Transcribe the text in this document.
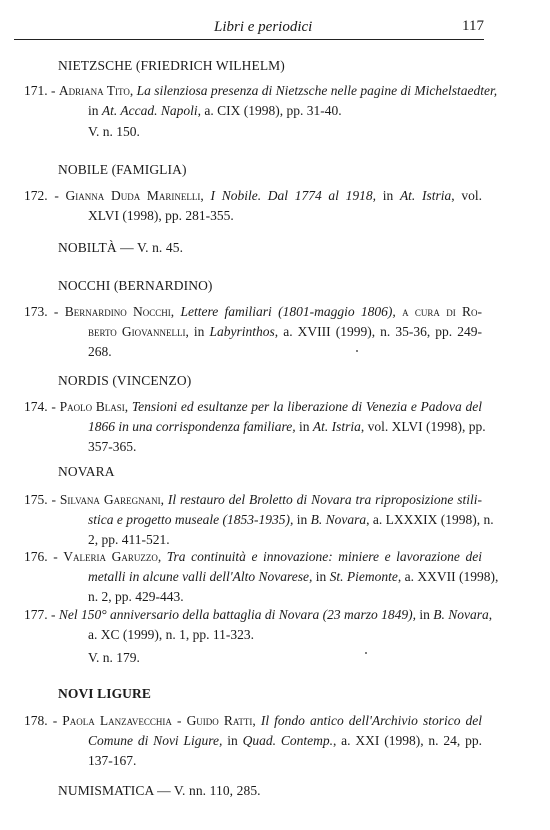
Libri e periodici	117
NIETZSCHE (FRIEDRICH WILHELM)
171. - Adriana Tito, La silenziosa presenza di Nietzsche nelle pagine di Michelstaedter,
in At. Accad. Napoli, a. CIX (1998), pp. 31-40.
V. n. 150.
NOBILE (FAMIGLIA)
172. - Gianna Duda Marinelli, I Nobile. Dal 1774 al 1918, in At. Istria, vol.
XLVI (1998), pp. 281-355.
NOBILTÀ — V. n. 45.
NOCCHI (BERNARDINO)
173. - Bernardino Nocchi, Lettere familiari (1801-maggio 1806), a cura di Ro-
berto Giovannelli, in Labyrinthos, a. XVIII (1999), n. 35-36, pp. 249-
268.
NORDIS (VINCENZO)
174. - Paolo Blasi, Tensioni ed esultanze per la liberazione di Venezia e Padova del
1866 in una corrispondenza familiare, in At. Istria, vol. XLVI (1998), pp.
357-365.
NOVARA
175. - Silvana Garegnani, Il restauro del Broletto di Novara tra riproposizione stili-
stica e progetto museale (1853-1935), in B. Novara, a. LXXXIX (1998), n.
2, pp. 411-521.
176. - Valeria Garuzzo, Tra continuità e innovazione: miniere e lavorazione dei
metalli in alcune valli dell'Alto Novarese, in St. Piemonte, a. XXVII (1998),
n. 2, pp. 429-443.
177. - Nel 150° anniversario della battaglia di Novara (23 marzo 1849), in B. Novara,
a. XC (1999), n. 1, pp. 11-323.
V. n. 179.
NOVI LIGURE
178. - Paola Lanzavecchia - Guido Ratti, Il fondo antico dell'Archivio storico del
Comune di Novi Ligure, in Quad. Contemp., a. XXI (1998), n. 24, pp.
137-167.
NUMISMATICA — V. nn. 110, 285.
